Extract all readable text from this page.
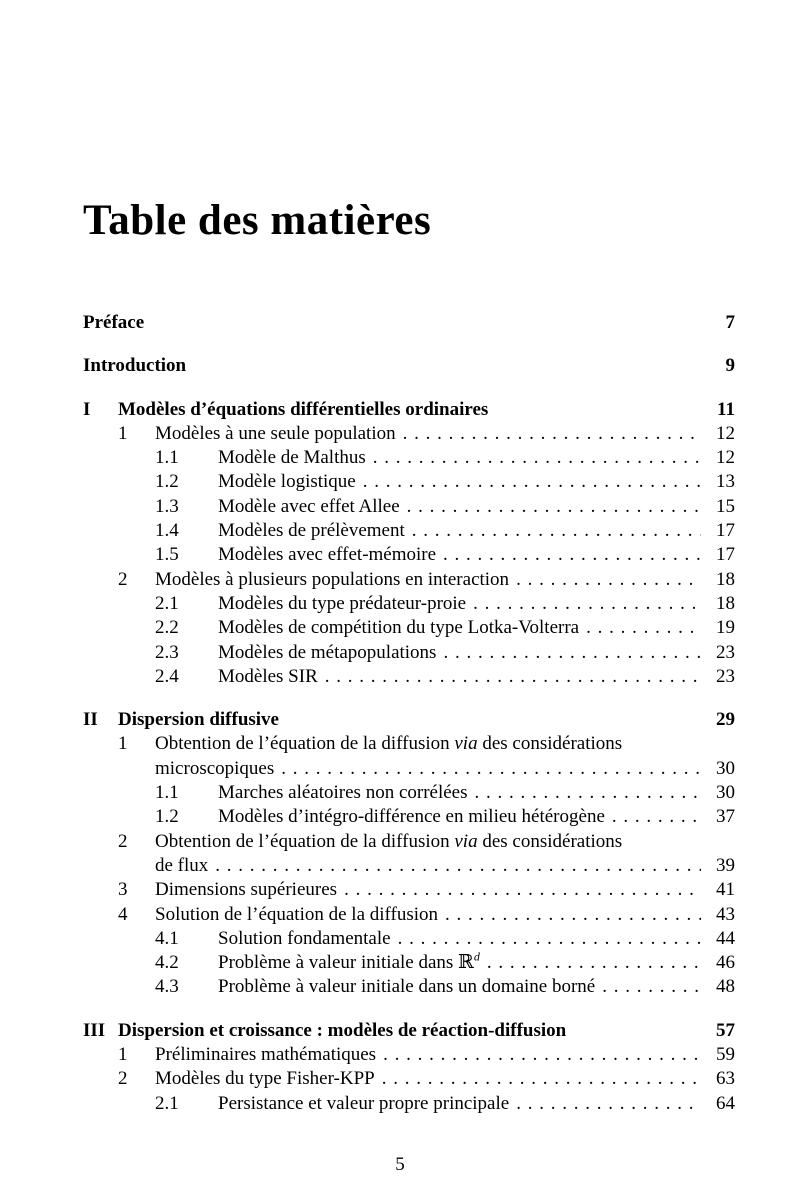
Table des matières
Préface	7
Introduction	9
I	Modèles d’équations différentielles ordinaires	11
1	Modèles à une seule population . . .	12
1.1	Modèle de Malthus . . .	12
1.2	Modèle logistique . . .	13
1.3	Modèle avec effet Allee . . .	15
1.4	Modèles de prélèvement . . .	17
1.5	Modèles avec effet-mémoire . . .	17
2	Modèles à plusieurs populations en interaction . . .	18
2.1	Modèles du type prédateur-proie . . .	18
2.2	Modèles de compétition du type Lotka-Volterra . . .	19
2.3	Modèles de métapopulations . . .	23
2.4	Modèles SIR . . .	23
II	Dispersion diffusive	29
1	Obtention de l’équation de la diffusion via des considérations
microscopiques . . .	30
1.1	Marches aléatoires non corrélées . . .	30
1.2	Modèles d’intégro-différence en milieu hétérogène . . .	37
2	Obtention de l’équation de la diffusion via des considérations
de flux . . .	39
3	Dimensions supérieures . . .	41
4	Solution de l’équation de la diffusion . . .	43
4.1	Solution fondamentale . . .	44
4.2	Problème à valeur initiale dans ℝ$^d$ . . .	46
4.3	Problème à valeur initiale dans un domaine borné . . .	48
III Dispersion et croissance : modèles de réaction-diffusion	57
1	Préliminaires mathématiques . . .	59
2	Modèles du type Fisher-KPP . . .	63
2.1	Persistance et valeur propre principale . . .	64
5
